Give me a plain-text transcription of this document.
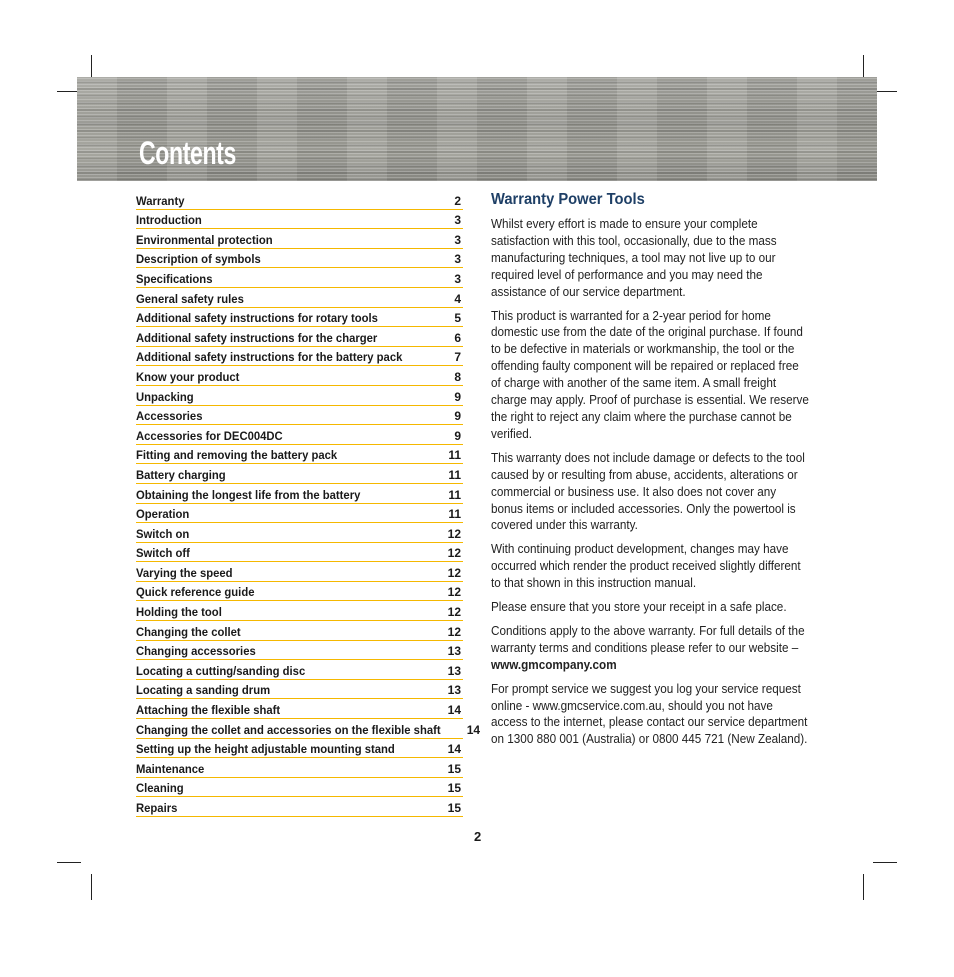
Contents
Warranty	2
Introduction	3
Environmental protection	3
Description of symbols	3
Specifications	3
General safety rules	4
Additional safety instructions for rotary tools	5
Additional safety instructions for the charger	6
Additional safety instructions for the battery pack	7
Know your product	8
Unpacking	9
Accessories	9
Accessories for DEC004DC	9
Fitting and removing the battery pack	11
Battery charging	11
Obtaining the longest life from the battery	11
Operation	11
Switch on	12
Switch off	12
Varying the speed	12
Quick reference guide	12
Holding the tool	12
Changing the collet	12
Changing accessories	13
Locating a cutting/sanding disc	13
Locating a sanding drum	13
Attaching the flexible shaft	14
Changing the collet and accessories on the flexible shaft	14
Setting up the height adjustable mounting stand	14
Maintenance	15
Cleaning	15
Repairs	15
2
Warranty Power Tools

Whilst every effort is made to ensure your complete satisfaction with this tool, occasionally, due to the mass manufacturing techniques, a tool may not live up to our required level of performance and you may need the assistance of our service department.

This product is warranted for a 2-year period for home domestic use from the date of the original purchase. If found to be defective in materials or workmanship, the tool or the offending faulty component will be repaired or replaced free of charge with another of the same item. A small freight charge may apply. Proof of purchase is essential. We reserve the right to reject any claim where the purchase cannot be verified.

This warranty does not include damage or defects to the tool caused by or resulting from abuse, accidents, alterations or commercial or business use. It also does not cover any bonus items or included accessories. Only the powertool is covered under this warranty.

With continuing product development, changes may have occurred which render the product received slightly different to that shown in this instruction manual.

Please ensure that you store your receipt in a safe place.

Conditions apply to the above warranty. For full details of the warranty terms and conditions please refer to our website – www.gmcompany.com

For prompt service we suggest you log your service request online - www.gmcservice.com.au, should you not have access to the internet, please contact our service department on 1300 880 001 (Australia) or 0800 445 721 (New Zealand).
